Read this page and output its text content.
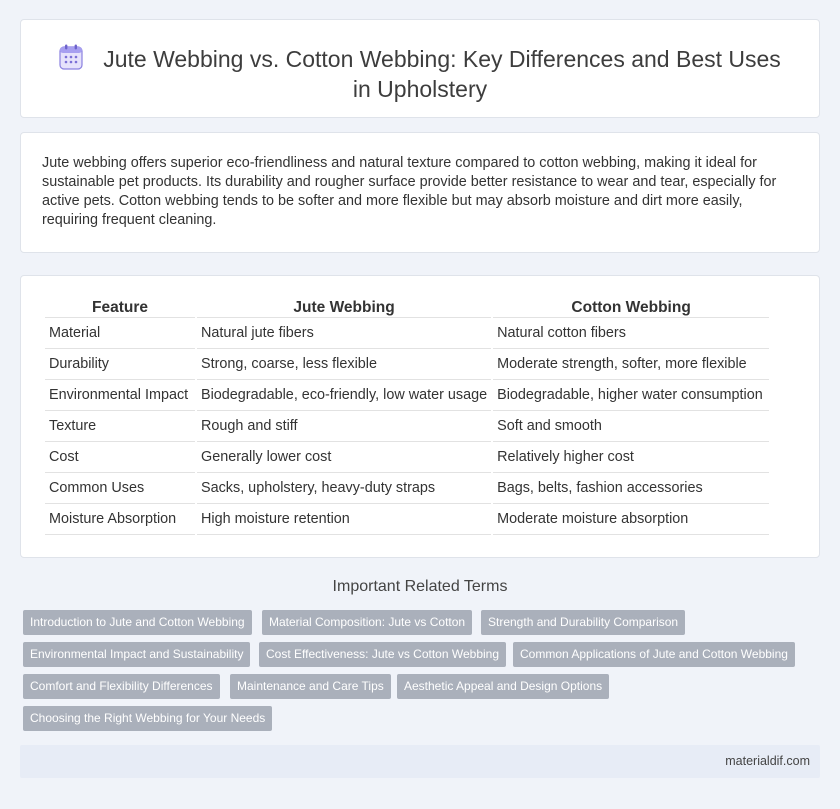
Jute Webbing vs. Cotton Webbing: Key Differences and Best Uses in Upholstery

Jute webbing offers superior eco-friendliness and natural texture compared to cotton webbing, making it ideal for sustainable pet products. Its durability and rougher surface provide better resistance to wear and tear, especially for active pets. Cotton webbing tends to be softer and more flexible but may absorb moisture and dirt more easily, requiring frequent cleaning.

Feature	Jute Webbing	Cotton Webbing
Material	Natural jute fibers	Natural cotton fibers
Durability	Strong, coarse, less flexible	Moderate strength, softer, more flexible
Environmental Impact	Biodegradable, eco-friendly, low water usage	Biodegradable, higher water consumption
Texture	Rough and stiff	Soft and smooth
Cost	Generally lower cost	Relatively higher cost
Common Uses	Sacks, upholstery, heavy-duty straps	Bags, belts, fashion accessories
Moisture Absorption	High moisture retention	Moderate moisture absorption
Important Related Terms
Introduction to Jute and Cotton Webbing	Material Composition: Jute vs Cotton	Strength and Durability Comparison
Environmental Impact and Sustainability	Cost Effectiveness: Jute vs Cotton Webbing	Common Applications of Jute and Cotton Webbing
Comfort and Flexibility Differences	Maintenance and Care Tips	Aesthetic Appeal and Design Options
Choosing the Right Webbing for Your Needs
materialdif.com
